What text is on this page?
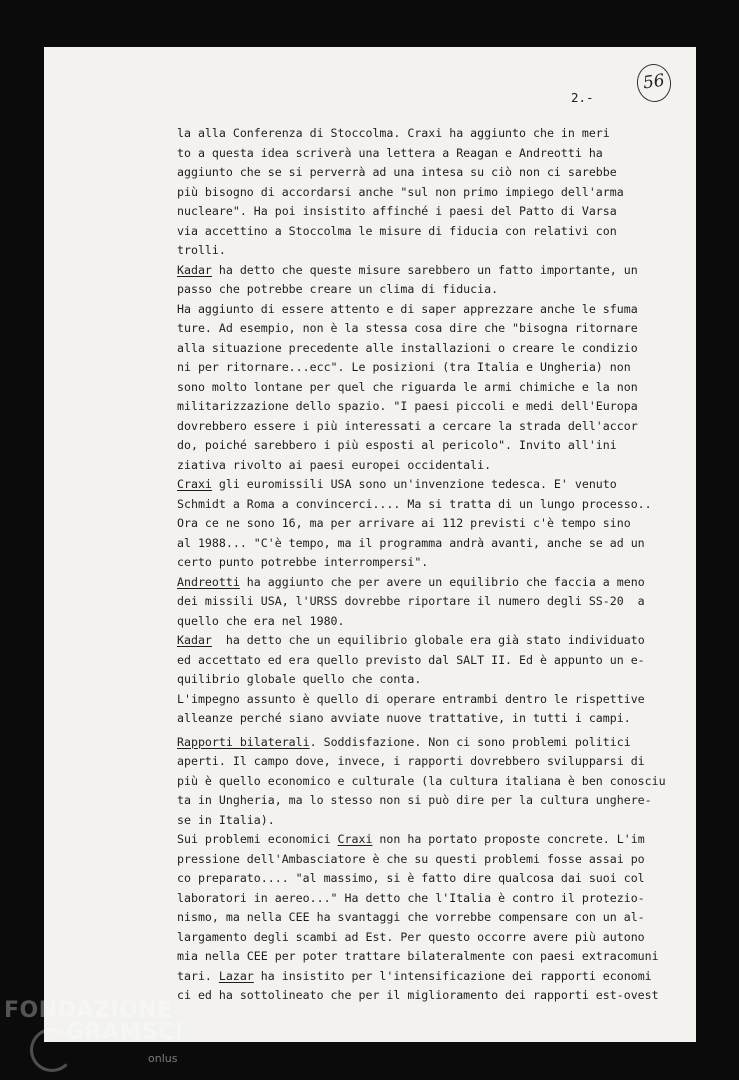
2.-
56
la alla Conferenza di Stoccolma. Craxi ha aggiunto che in meri
to a questa idea scriverà una lettera a Reagan e Andreotti ha
aggiunto che se si perverrà ad una intesa su ciò non ci sarebbe
più bisogno di accordarsi anche "sul non primo impiego dell'arma
nucleare". Ha poi insistito affinché i paesi del Patto di Varsa
via accettino a Stoccolma le misure di fiducia con relativi con
trolli.
Kadar ha detto che queste misure sarebbero un fatto importante, un
passo che potrebbe creare un clima di fiducia.
Ha aggiunto di essere attento e di saper apprezzare anche le sfuma
ture. Ad esempio, non è la stessa cosa dire che "bisogna ritornare
alla situazione precedente alle installazioni o creare le condizio
ni per ritornare...ecc". Le posizioni (tra Italia e Ungheria) non
sono molto lontane per quel che riguarda le armi chimiche e la non
militarizzazione dello spazio. "I paesi piccoli e medi dell'Europa
dovrebbero essere i più interessati a cercare la strada dell'accor
do, poiché sarebbero i più esposti al pericolo". Invito all'ini
ziativa rivolto ai paesi europei occidentali.
Craxi gli euromissili USA sono un'invenzione tedesca. E' venuto
Schmidt a Roma a convincerci.... Ma si tratta di un lungo processo..
Ora ce ne sono 16, ma per arrivare ai 112 previsti c'è tempo sino
al 1988... "C'è tempo, ma il programma andrà avanti, anche se ad un
certo punto potrebbe interrompersi".
Andreotti ha aggiunto che per avere un equilibrio che faccia a meno
dei missili USA, l'URSS dovrebbe riportare il numero degli SS-20  a
quello che era nel 1980.
Kadar  ha detto che un equilibrio globale era già stato individuato
ed accettato ed era quello previsto dal SALT II. Ed è appunto un e-
quilibrio globale quello che conta.
L'impegno assunto è quello di operare entrambi dentro le rispettive
alleanze perché siano avviate nuove trattative, in tutti i campi.
Rapporti bilaterali. Soddisfazione. Non ci sono problemi politici
aperti. Il campo dove, invece, i rapporti dovrebbero svilupparsi di
più è quello economico e culturale (la cultura italiana è ben conosciu
ta in Ungheria, ma lo stesso non si può dire per la cultura unghere-
se in Italia).
Sui problemi economici Craxi non ha portato proposte concrete. L'im
pressione dell'Ambasciatore è che su questi problemi fosse assai po
co preparato.... "al massimo, si è fatto dire qualcosa dai suoi col
laboratori in aereo..." Ha detto che l'Italia è contro il protezio-
nismo, ma nella CEE ha svantaggi che vorrebbe compensare con un al-
largamento degli scambi ad Est. Per questo occorre avere più autono
mia nella CEE per poter trattare bilateralmente con paesi extracomuni
tari. Lazar ha insistito per l'intensificazione dei rapporti economi
ci ed ha sottolineato che per il miglioramento dei rapporti est-ovest
FONDAZIONE
GRAMSCI
onlus
